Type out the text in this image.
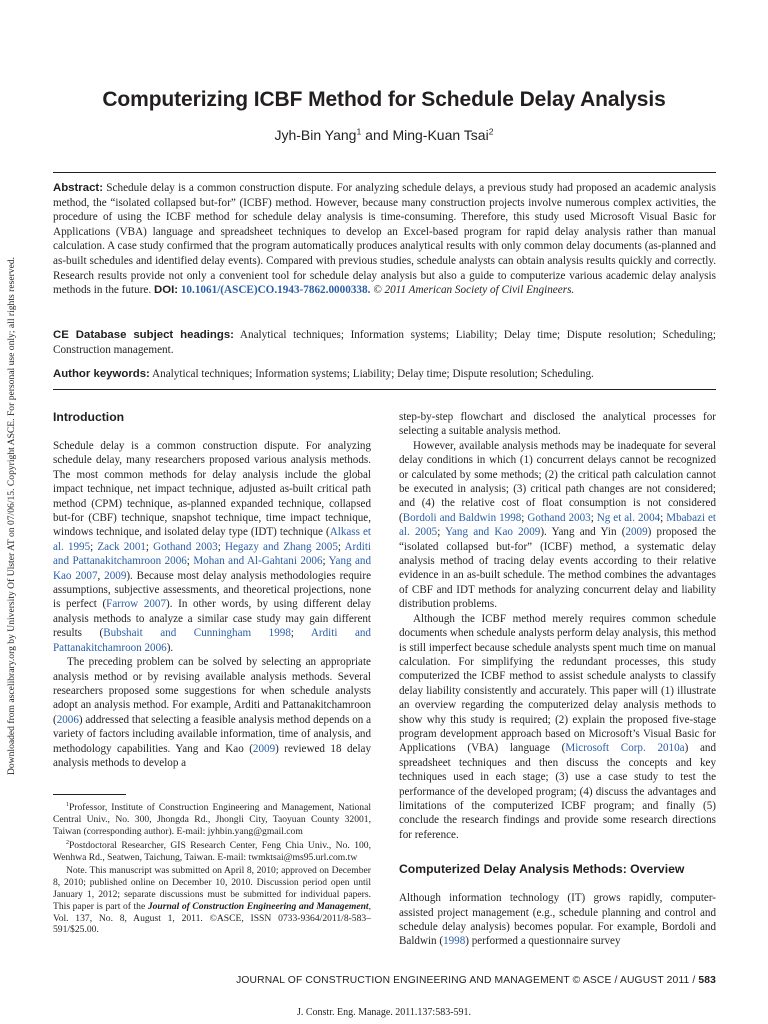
Downloaded from ascelibrary.org by University Of Ulster AT on 07/06/15. Copyright ASCE. For personal use only; all rights reserved.
Computerizing ICBF Method for Schedule Delay Analysis
Jyh-Bin Yang$^1$ and Ming-Kuan Tsai$^2$
Abstract: Schedule delay is a common construction dispute. For analyzing schedule delays, a previous study had proposed an academic analysis method, the “isolated collapsed but-for” (ICBF) method. However, because many construction projects involve numerous complex activities, the procedure of using the ICBF method for schedule delay analysis is time-consuming. Therefore, this study used Microsoft Visual Basic for Applications (VBA) language and spreadsheet techniques to develop an Excel-based program for rapid delay analysis rather than manual calculation. A case study confirmed that the program automatically produces analytical results with only common delay documents (as-planned and as-built schedules and identified delay events). Compared with previous studies, schedule analysts can obtain analysis results quickly and correctly. Research results provide not only a convenient tool for schedule delay analysis but also a guide to computerize various academic delay analysis methods in the future. DOI: 10.1061/(ASCE)CO.1943-7862.0000338. © 2011 American Society of Civil Engineers.
CE Database subject headings: Analytical techniques; Information systems; Liability; Delay time; Dispute resolution; Scheduling; Construction management.
Author keywords: Analytical techniques; Information systems; Liability; Delay time; Dispute resolution; Scheduling.
Introduction

Schedule delay is a common construction dispute. For analyzing schedule delay, many researchers proposed various analysis methods. The most common methods for delay analysis include the global impact technique, net impact technique, adjusted as-built critical path method (CPM) technique, as-planned expanded technique, collapsed but-for (CBF) technique, snapshot technique, time impact technique, windows technique, and isolated delay type (IDT) technique (Alkass et al. 1995; Zack 2001; Gothand 2003; Hegazy and Zhang 2005; Arditi and Pattanakitchamroon 2006; Mohan and Al-Gahtani 2006; Yang and Kao 2007, 2009). Because most delay analysis methodologies require assumptions, subjective assessments, and theoretical projections, none is perfect (Farrow 2007). In other words, by using different delay analysis methods to analyze a similar case study may gain different results (Bubshait and Cunningham 1998; Arditi and Pattanakitchamroon 2006).

The preceding problem can be solved by selecting an appropriate analysis method or by revising available analysis methods. Several researchers proposed some suggestions for when schedule analysts adopt an analysis method. For example, Arditi and Pattanakitchamroon (2006) addressed that selecting a feasible analysis method depends on a variety of factors including available information, time of analysis, and methodology capabilities. Yang and Kao (2009) reviewed 18 delay analysis methods to develop a

$^1$Professor, Institute of Construction Engineering and Management, National Central Univ., No. 300, Jhongda Rd., Jhongli City, Taoyuan County 32001, Taiwan (corresponding author). E-mail: jyhbin.yang@gmail.com

$^2$Postdoctoral Researcher, GIS Research Center, Feng Chia Univ., No. 100, Wenhwa Rd., Seatwen, Taichung, Taiwan. E-mail: twmktsai@ms95.url.com.tw

Note. This manuscript was submitted on April 8, 2010; approved on December 8, 2010; published online on December 10, 2010. Discussion period open until January 1, 2012; separate discussions must be submitted for individual papers. This paper is part of the Journal of Construction Engineering and Management, Vol. 137, No. 8, August 1, 2011. ©ASCE, ISSN 0733-9364/2011/8-583–591/$25.00.

step-by-step flowchart and disclosed the analytical processes for selecting a suitable analysis method.

However, available analysis methods may be inadequate for several delay conditions in which (1) concurrent delays cannot be recognized or calculated by some methods; (2) the critical path calculation cannot be executed in analysis; (3) critical path changes are not considered; and (4) the relative cost of float consumption is not considered (Bordoli and Baldwin 1998; Gothand 2003; Ng et al. 2004; Mbabazi et al. 2005; Yang and Kao 2009). Yang and Yin (2009) proposed the “isolated collapsed but-for” (ICBF) method, a systematic delay analysis method of tracing delay events according to their relative evidence in an as-built schedule. The method combines the advantages of CBF and IDT methods for analyzing concurrent delay and liability distribution problems.

Although the ICBF method merely requires common schedule documents when schedule analysts perform delay analysis, this method is still imperfect because schedule analysts spent much time on manual calculation. For simplifying the redundant processes, this study computerized the ICBF method to assist schedule analysts to classify delay liability consistently and accurately. This paper will (1) illustrate an overview regarding the computerized delay analysis methods to show why this study is required; (2) explain the proposed five-stage program development approach based on Microsoft’s Visual Basic for Applications (VBA) language (Microsoft Corp. 2010a) and spreadsheet techniques and then discuss the concepts and key techniques used in each stage; (3) use a case study to test the performance of the developed program; (4) discuss the advantages and limitations of the computerized ICBF program; and finally (5) conclude the research findings and provide some research directions for reference.

Computerized Delay Analysis Methods: Overview

Although information technology (IT) grows rapidly, computer-assisted project management (e.g., schedule planning and control and schedule delay analysis) becomes popular. For example, Bordoli and Baldwin (1998) performed a questionnaire survey

JOURNAL OF CONSTRUCTION ENGINEERING AND MANAGEMENT © ASCE / AUGUST 2011 / 583
J. Constr. Eng. Manage. 2011.137:583-591.
